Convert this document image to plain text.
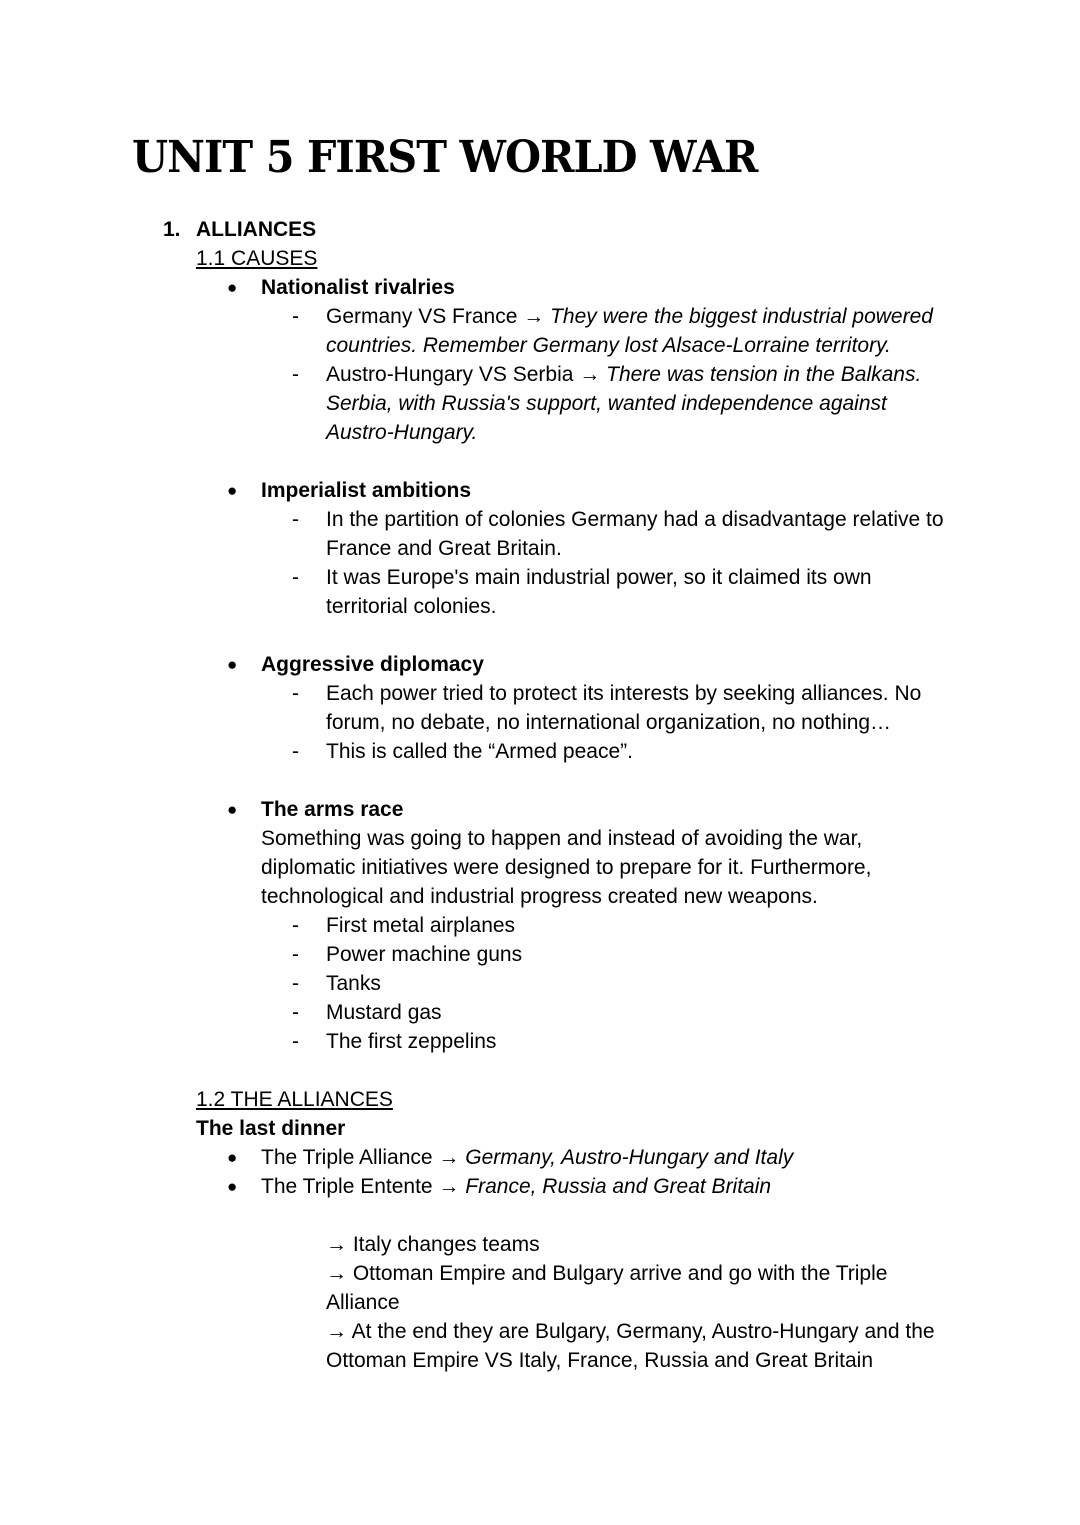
UNIT 5 FIRST WORLD WAR
1. ALLIANCES
1.1 CAUSES
● Nationalist rivalries
- Germany VS France → They were the biggest industrial powered countries. Remember Germany lost Alsace-Lorraine territory.
- Austro-Hungary VS Serbia → There was tension in the Balkans. Serbia, with Russia's support, wanted independence against Austro-Hungary.
● Imperialist ambitions
- In the partition of colonies Germany had a disadvantage relative to France and Great Britain.
- It was Europe's main industrial power, so it claimed its own territorial colonies.
● Aggressive diplomacy
- Each power tried to protect its interests by seeking alliances. No forum, no debate, no international organization, no nothing…
- This is called the “Armed peace”.
● The arms race
Something was going to happen and instead of avoiding the war, diplomatic initiatives were designed to prepare for it. Furthermore, technological and industrial progress created new weapons.
- First metal airplanes
- Power machine guns
- Tanks
- Mustard gas
- The first zeppelins
1.2 THE ALLIANCES
The last dinner
● The Triple Alliance → Germany, Austro-Hungary and Italy
● The Triple Entente → France, Russia and Great Britain
→ Italy changes teams
→ Ottoman Empire and Bulgary arrive and go with the Triple Alliance
→ At the end they are Bulgary, Germany, Austro-Hungary and the Ottoman Empire VS Italy, France, Russia and Great Britain
